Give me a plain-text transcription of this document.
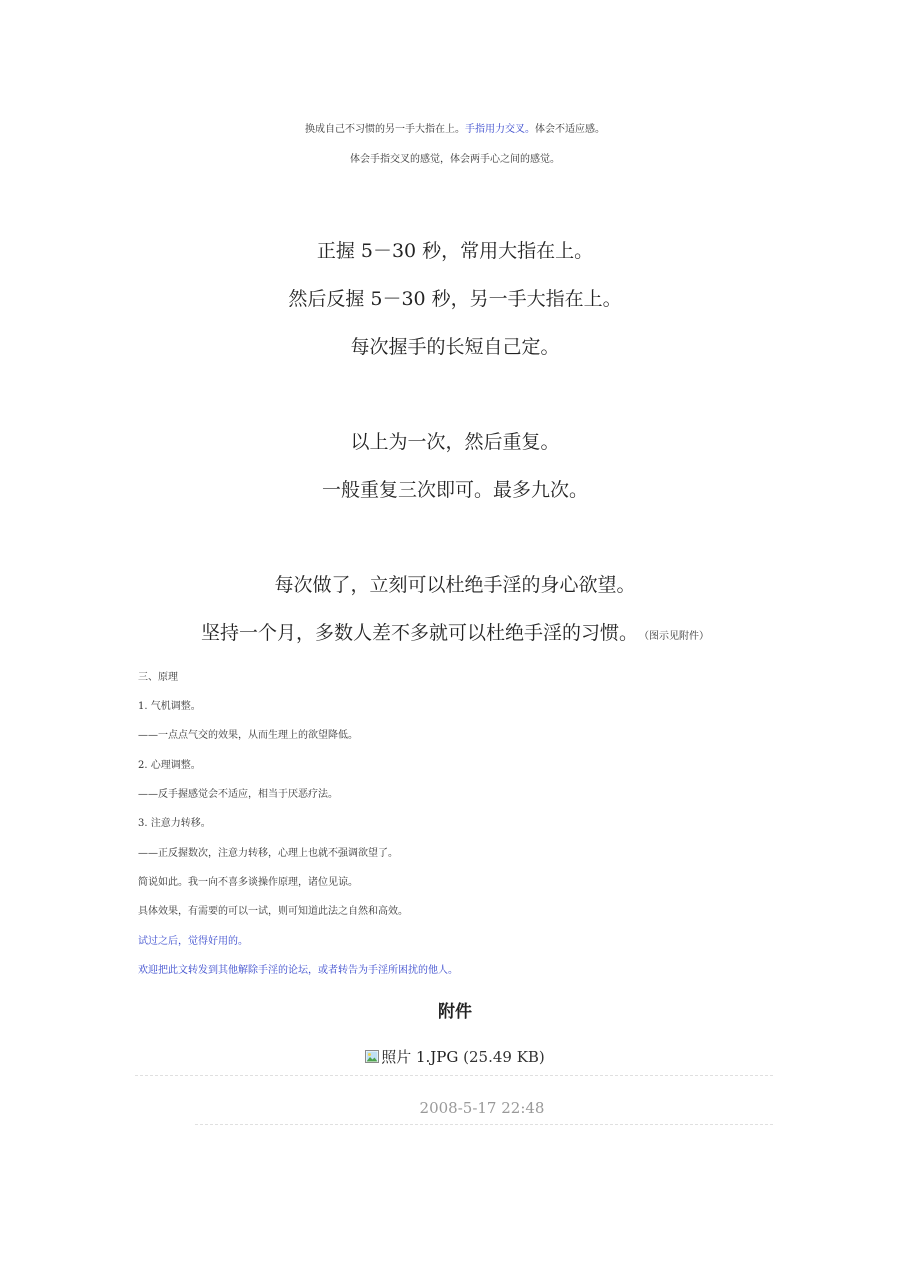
换成自己不习惯的另一手大指在上。手指用力交叉。体会不适应感。
体会手指交叉的感觉，体会两手心之间的感觉。
正握 5－30 秒，常用大指在上。
然后反握 5－30 秒，另一手大指在上。
每次握手的长短自己定。
以上为一次，然后重复。
一般重复三次即可。最多九次。
每次做了，立刻可以杜绝手淫的身心欲望。
坚持一个月，多数人差不多就可以杜绝手淫的习惯。 （图示见附件）
三、原理
1. 气机调整。
——一点点气交的效果，从而生理上的欲望降低。
2. 心理调整。
——反手握感觉会不适应，相当于厌恶疗法。
3. 注意力转移。
——正反握数次，注意力转移，心理上也就不强调欲望了。
简说如此。我一向不喜多谈操作原理，诸位见谅。
具体效果，有需要的可以一试，则可知道此法之自然和高效。
试过之后，觉得好用的。
欢迎把此文转发到其他解除手淫的论坛，或者转告为手淫所困扰的他人。
附件
照片 1.JPG (25.49 KB)
2008-5-17 22:48
